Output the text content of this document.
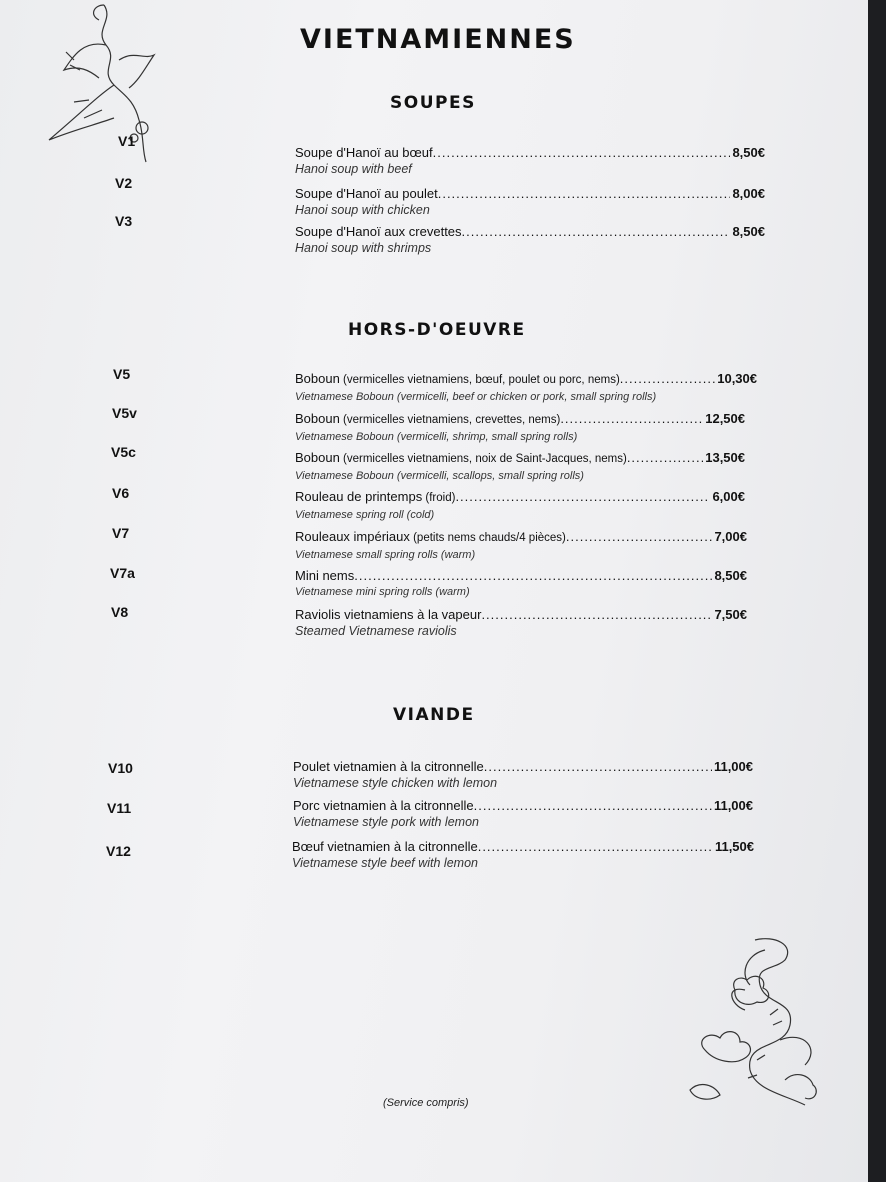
VIETNAMIENNES
SOUPES
V1
Soupe d'Hanoï au bœuf .....	8,50€
Hanoi soup with beef
V2
Soupe d'Hanoï au poulet .....	8,00€
Hanoi soup with chicken
V3
Soupe d'Hanoï aux crevettes .....	8,50€
Hanoi soup with shrimps
HORS-D'OEUVRE
V5	Boboun (vermicelles vietnamiens, bœuf, poulet ou porc, nems) .....	10,30€
Vietnamese Boboun (vermicelli, beef or chicken or pork, small spring rolls)
V5v	Boboun (vermicelles vietnamiens, crevettes, nems) .....	12,50€
Vietnamese Boboun (vermicelli, shrimp, small spring rolls)
V5c	Boboun (vermicelles vietnamiens, noix de Saint-Jacques, nems) .....	13,50€
Vietnamese Boboun (vermicelli, scallops, small spring rolls)
V6	Rouleau de printemps (froid) .....	6,00€
Vietnamese spring roll (cold)
V7	Rouleaux impériaux (petits nems chauds/4 pièces) .....	7,00€
Vietnamese small spring rolls (warm)
V7a	Mini nems .....	8,50€
Vietnamese mini spring rolls (warm)
V8	Raviolis vietnamiens à la vapeur .....	7,50€
Steamed Vietnamese raviolis
VIANDE
V10	Poulet vietnamien à la citronnelle .....	11,00€
Vietnamese style chicken with lemon
V11	Porc vietnamien à la citronnelle .....	11,00€
Vietnamese style pork with lemon
V12	Bœuf vietnamien à la citronnelle .....	11,50€
Vietnamese style beef with lemon
(Service compris)
